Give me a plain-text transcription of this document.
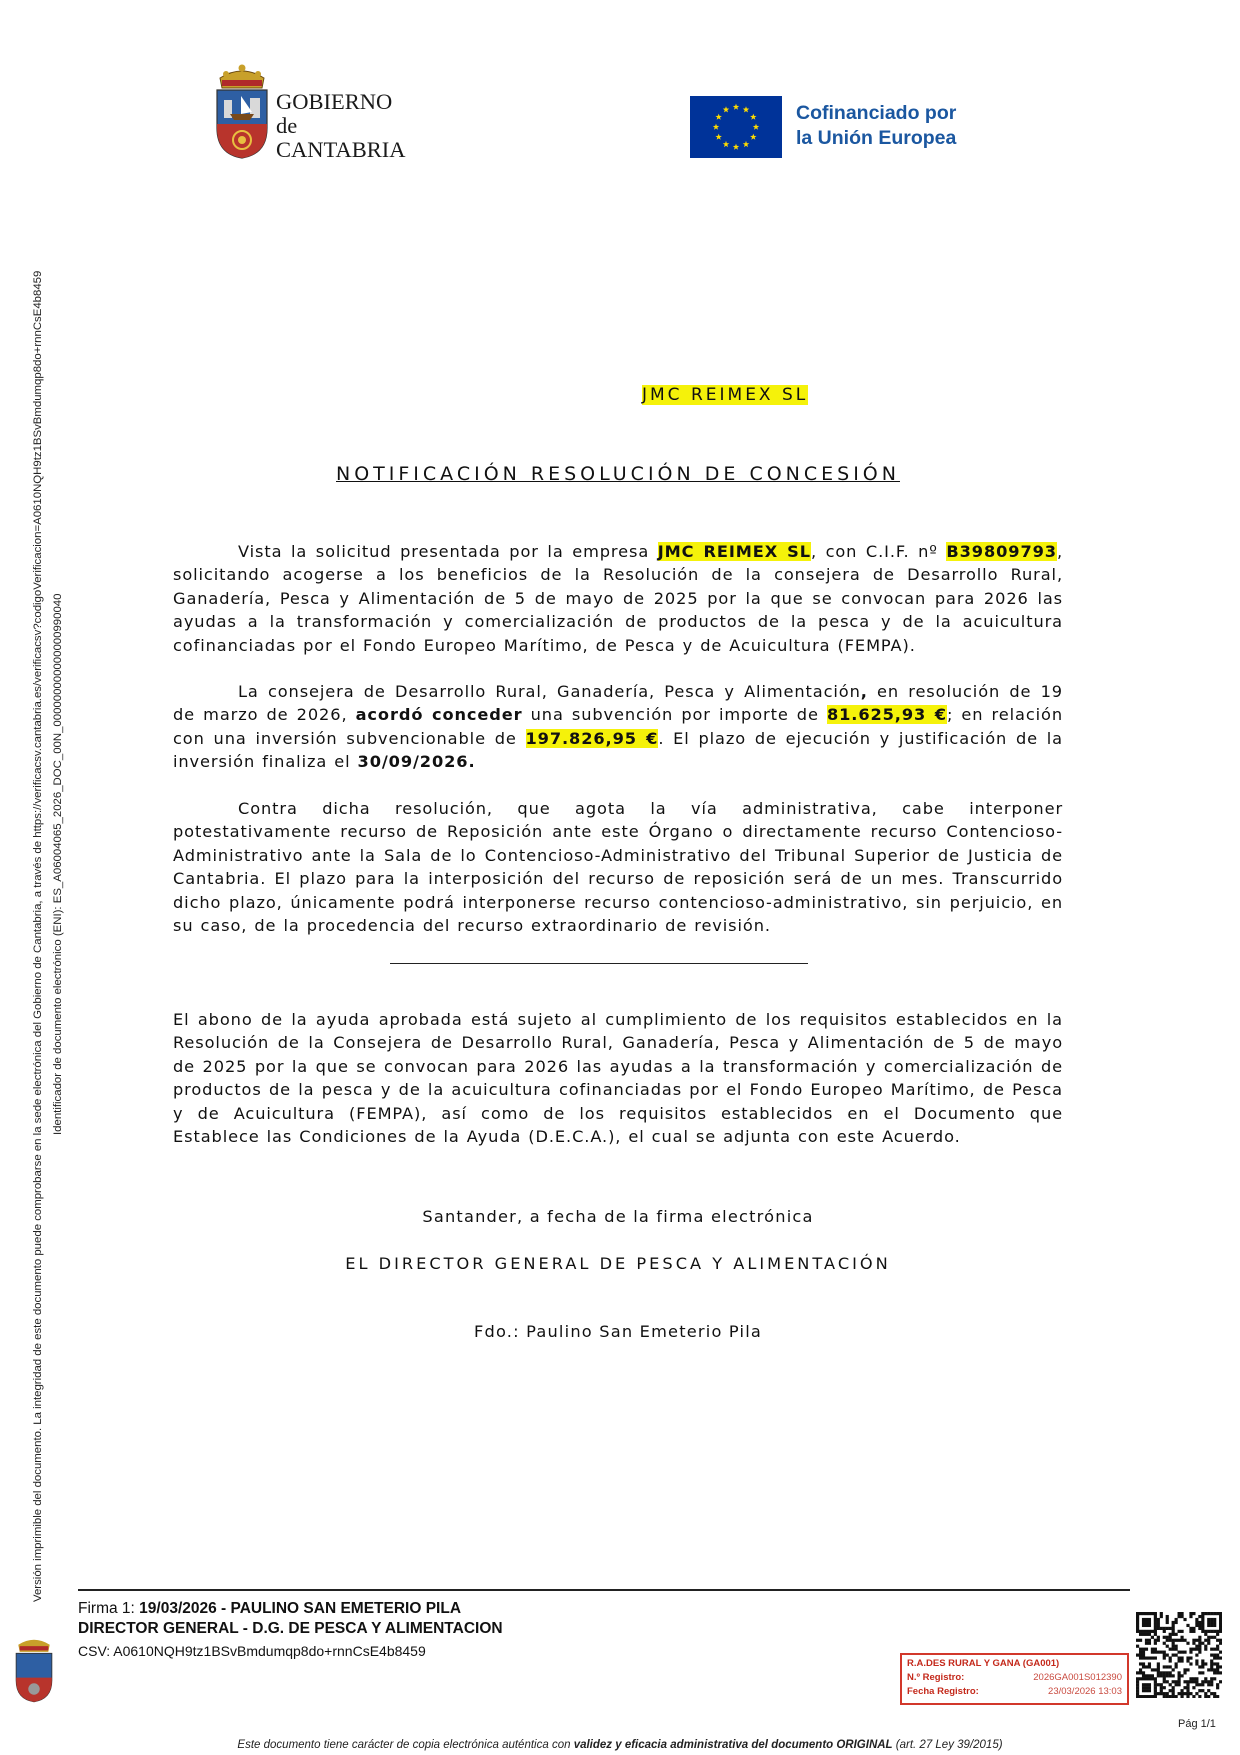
Versión imprimible del documento. La integridad de este documento puede comprobarse en la sede electrónica del Gobierno de Cantabria, a través de https://verificacsv.cantabria.es/verificacsv?codigoVerificacion=A0610NQH9tz1BSvBmdumqp8do+rnnCsE4b8459 Identificador de documento electrónico (ENI): ES_A06004065_2026_DOC_00N_000000000000000990040
GOBIERNO
de
CANTABRIA
Cofinanciado por
la Unión Europea
JMC REIMEX SL
NOTIFICACIÓN RESOLUCIÓN DE CONCESIÓN
Vista la solicitud presentada por la empresa JMC REIMEX SL, con C.I.F. nº B39809793, solicitando acogerse a los beneficios de la Resolución de la consejera de Desarrollo Rural, Ganadería, Pesca y Alimentación de 5 de mayo de 2025 por la que se convocan para 2026 las ayudas a la transformación y comercialización de productos de la pesca y de la acuicultura cofinanciadas por el Fondo Europeo Marítimo, de Pesca y de Acuicultura (FEMPA).
La consejera de Desarrollo Rural, Ganadería, Pesca y Alimentación, en resolución de 19 de marzo de 2026, acordó conceder una subvención por importe de 81.625,93 €; en relación con una inversión subvencionable de 197.826,95 €. El plazo de ejecución y justificación de la inversión finaliza el 30/09/2026.
Contra dicha resolución, que agota la vía administrativa, cabe interponer potestativamente recurso de Reposición ante este Órgano o directamente recurso Contencioso-Administrativo ante la Sala de lo Contencioso-Administrativo del Tribunal Superior de Justicia de Cantabria. El plazo para la interposición del recurso de reposición será de un mes. Transcurrido dicho plazo, únicamente podrá interponerse recurso contencioso-administrativo, sin perjuicio, en su caso, de la procedencia del recurso extraordinario de revisión.
El abono de la ayuda aprobada está sujeto al cumplimiento de los requisitos establecidos en la Resolución de la Consejera de Desarrollo Rural, Ganadería, Pesca y Alimentación de 5 de mayo de 2025 por la que se convocan para 2026 las ayudas a la transformación y comercialización de productos de la pesca y de la acuicultura cofinanciadas por el Fondo Europeo Marítimo, de Pesca y de Acuicultura (FEMPA), así como de los requisitos establecidos en el Documento que Establece las Condiciones de la Ayuda (D.E.C.A.), el cual se adjunta con este Acuerdo.
Santander, a fecha de la firma electrónica
EL DIRECTOR GENERAL DE PESCA Y ALIMENTACIÓN
Fdo.: Paulino San Emeterio Pila
Firma 1: 19/03/2026 - PAULINO SAN EMETERIO PILA
DIRECTOR GENERAL - D.G. DE PESCA Y ALIMENTACION
CSV: A0610NQH9tz1BSvBmdumqp8do+rnnCsE4b8459
R.A.DES RURAL Y GANA (GA001)
N.º Registro:	2026GA001S012390
Fecha Registro:	23/03/2026 13:03
Pág 1/1
Este documento tiene carácter de copia electrónica auténtica con validez y eficacia administrativa del documento ORIGINAL (art. 27 Ley 39/2015)
